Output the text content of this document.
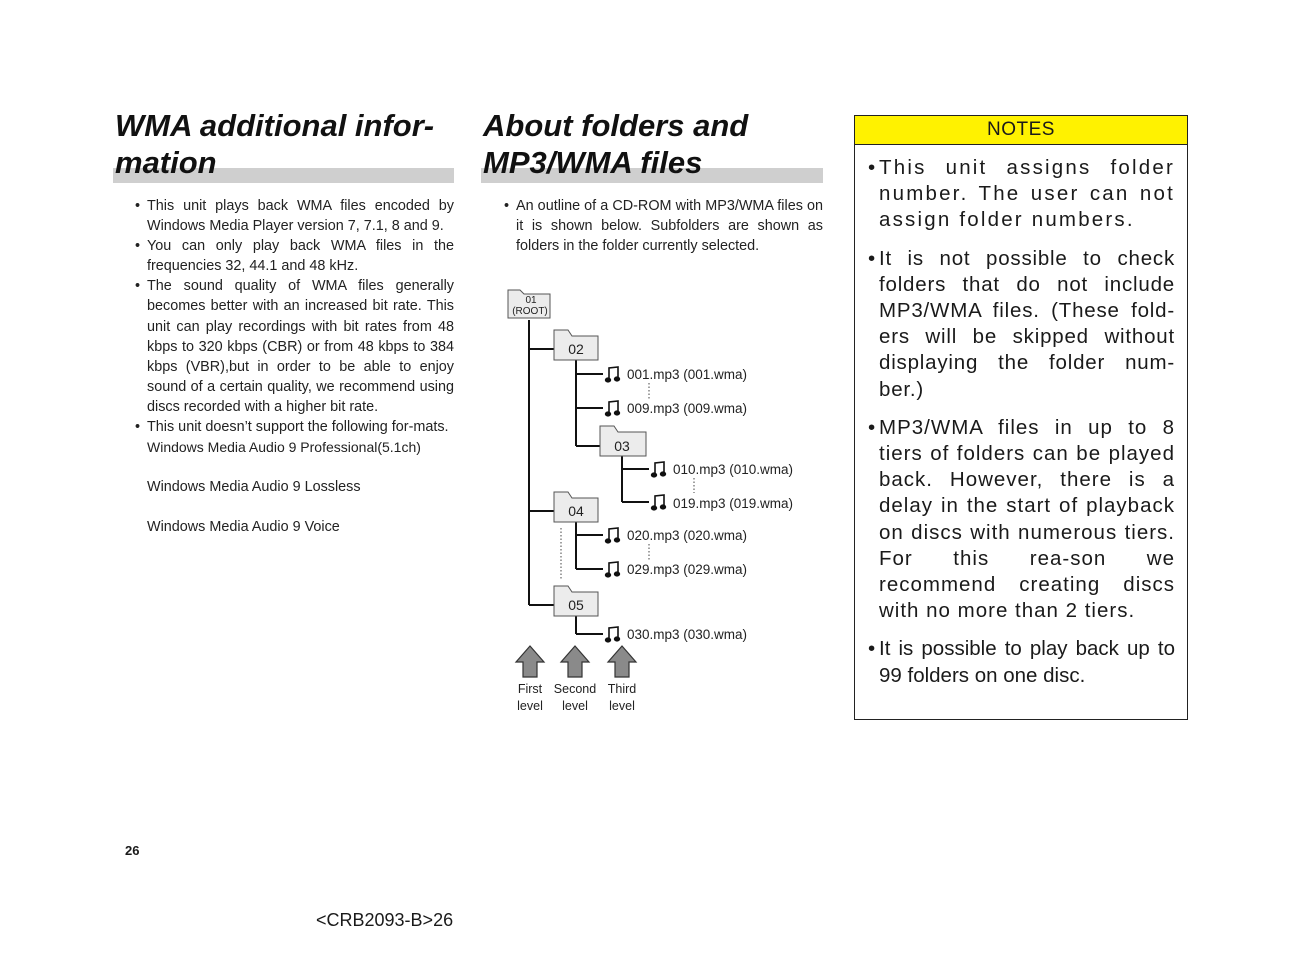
WMA additional infor-
mation
• This unit plays back WMA files encoded by Windows Media Player version 7, 7.1, 8 and 9.
• You can only play back WMA files in the frequencies 32, 44.1 and 48 kHz.
• The sound quality of WMA files generally becomes better with an increased bit rate. This unit can play recordings with bit rates from 48 kbps to 320 kbps (CBR) or from 48 kbps to 384 kbps (VBR),but in order to be able to enjoy sound of a certain quality, we recommend using discs recorded with a higher bit rate.
• This unit doesn’t support the following for-mats.
Windows Media Audio 9 Professional(5.1ch)
Windows Media Audio 9 Lossless
Windows Media Audio 9 Voice
About folders and
MP3/WMA files
• An outline of a CD-ROM with MP3/WMA files on it is shown below. Subfolders are shown as folders in the folder currently selected.
01
(ROOT)
02
03
04
05
001.mp3 (001.wma)
009.mp3 (009.wma)
010.mp3 (010.wma)
019.mp3 (019.wma)
020.mp3 (020.wma)
029.mp3 (029.wma)
030.mp3 (030.wma)
First
level
Second
level
Third
level
NOTES
• This unit assigns folder number. The user can not assign folder numbers.
• It is not possible to check folders that do not include MP3/WMA files. (These fold-ers will be skipped without displaying the folder num-ber.)
• MP3/WMA files in up to 8 tiers of folders can be played back. However, there is a delay in the start of playback on discs with numerous tiers. For this rea-son we recommend creating discs with no more than 2 tiers.
• It is possible to play back up to 99 folders on one disc.
26
<CRB2093-B>26
